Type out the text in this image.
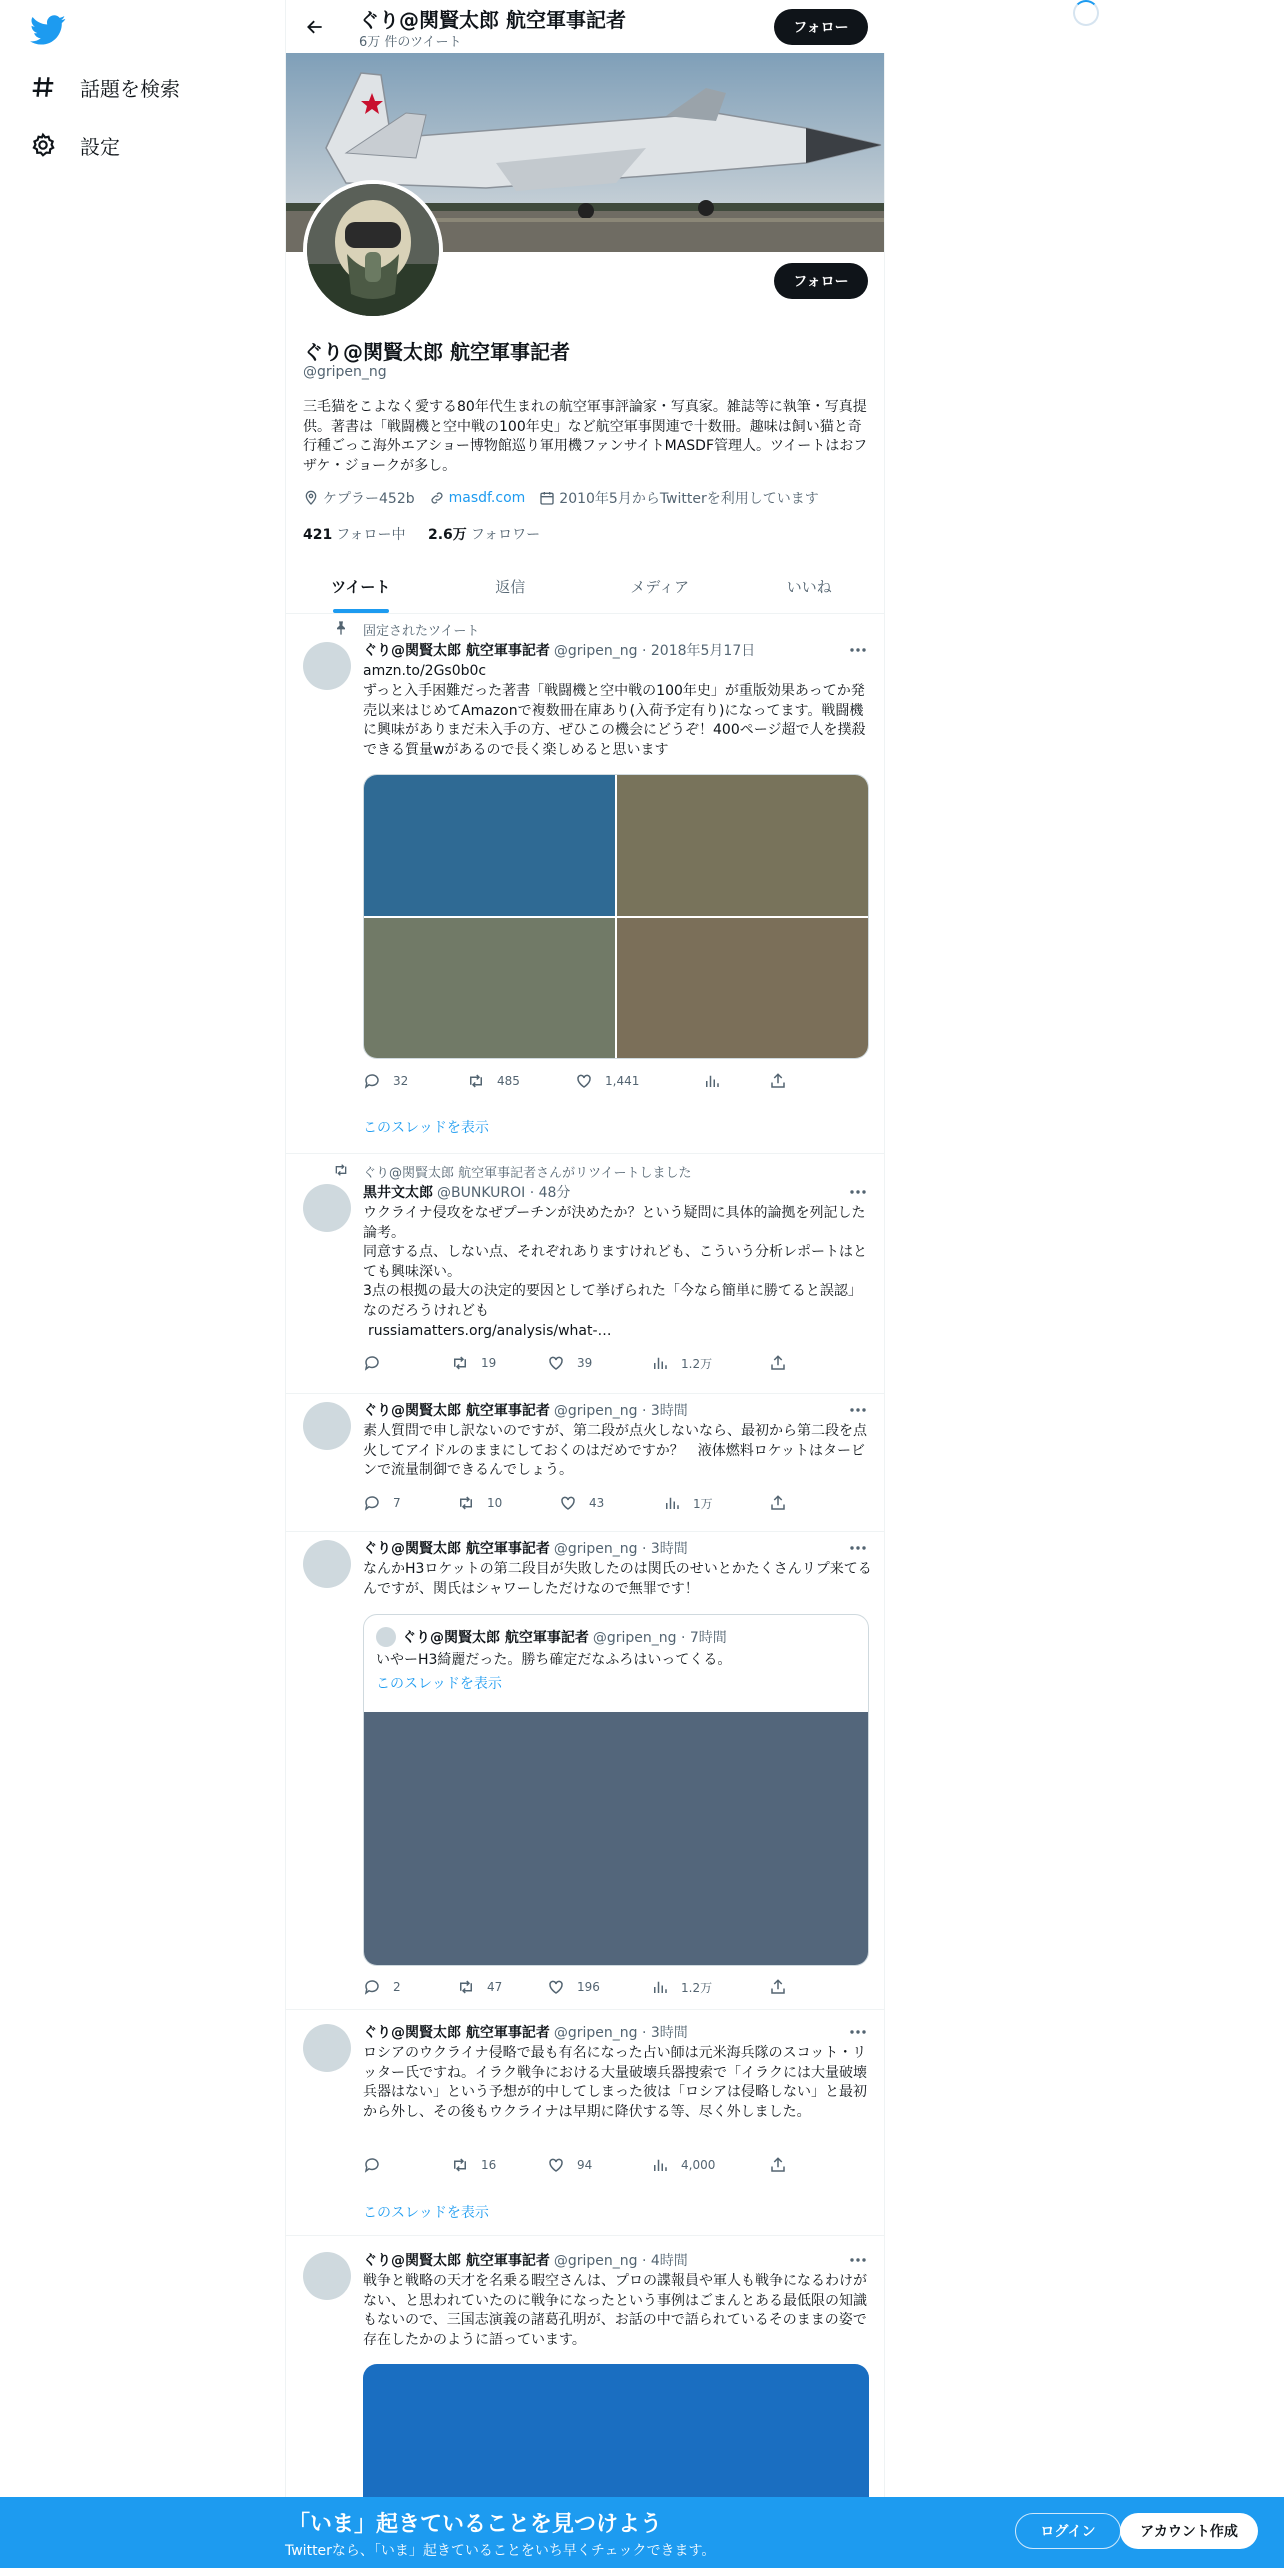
話題を検索
設定
ぐり@関賢太郎 航空軍事記者
6万 件のツイート
フォロー
フォロー
ぐり@関賢太郎 航空軍事記者
@gripen_ng
三毛猫をこよなく愛する80年代生まれの航空軍事評論家・写真家。雑誌等に執筆・写真提供。著書は「戦闘機と空中戦の100年史」など航空軍事関連で十数冊。趣味は飼い猫と奇行種ごっこ海外エアショー博物館巡り軍用機ファンサイトMASDF管理人。ツイートはおフザケ・ジョークが多し。
ケプラー452b masdf.com 2010年5月からTwitterを利用しています
421 フォロー中 2.6万 フォロワー
ツイート	返信	メディア	いいね
固定されたツイート
ぐり@関賢太郎 航空軍事記者 @gripen_ng · 2018年5月17日
amzn.to/2Gs0b0c
ずっと入手困難だった著書「戦闘機と空中戦の100年史」が重版効果あってか発売以来はじめてAmazonで複数冊在庫あり(入荷予定有り)になってます。戦闘機に興味がありまだ未入手の方、ぜひこの機会にどうぞ！400ページ超で人を撲殺できる質量wがあるので長く楽しめると思います
32	485	1,441
このスレッドを表示
ぐり@関賢太郎 航空軍事記者さんがリツイートしました
黒井文太郎 @BUNKUROI · 48分
ウクライナ侵攻をなぜプーチンが決めたか？という疑問に具体的論拠を列記した論考。
同意する点、しない点、それぞれありますけれども、こういう分析レポートはとても興味深い。
3点の根拠の最大の決定的要因として挙げられた「今なら簡単に勝てると誤認」なのだろうけれども
russiamatters.org/analysis/what-…
19	39	1.2万
ぐり@関賢太郎 航空軍事記者 @gripen_ng · 3時間
素人質問で申し訳ないのですが、第二段が点火しないなら、最初から第二段を点火してアイドルのままにしておくのはだめですか？　液体燃料ロケットはタービンで流量制御できるんでしょう。
7	10	43	1万
ぐり@関賢太郎 航空軍事記者 @gripen_ng · 3時間
なんかH3ロケットの第二段目が失敗したのは関氏のせいとかたくさんリプ来てるんですが、関氏はシャワーしただけなので無罪です！
ぐり@関賢太郎 航空軍事記者 @gripen_ng · 7時間
いやーH3綺麗だった。勝ち確定だなふろはいってくる。
このスレッドを表示
2	47	196	1.2万
ぐり@関賢太郎 航空軍事記者 @gripen_ng · 3時間
ロシアのウクライナ侵略で最も有名になった占い師は元米海兵隊のスコット・リッター氏ですね。イラク戦争における大量破壊兵器捜索で「イラクには大量破壊兵器はない」という予想が的中してしまった彼は「ロシアは侵略しない」と最初から外し、その後もウクライナは早期に降伏する等、尽く外しました。
16	94	4,000
このスレッドを表示
ぐり@関賢太郎 航空軍事記者 @gripen_ng · 4時間
戦争と戦略の天才を名乗る暇空さんは、プロの諜報員や軍人も戦争になるわけがない、と思われていたのに戦争になったという事例はごまんとある最低限の知識もないので、三国志演義の諸葛孔明が、お話の中で語られているそのままの姿で存在したかのように語っています。
「いま」起きていることを見つけよう
Twitterなら、「いま」起きていることをいち早くチェックできます。
ログイン	アカウント作成
